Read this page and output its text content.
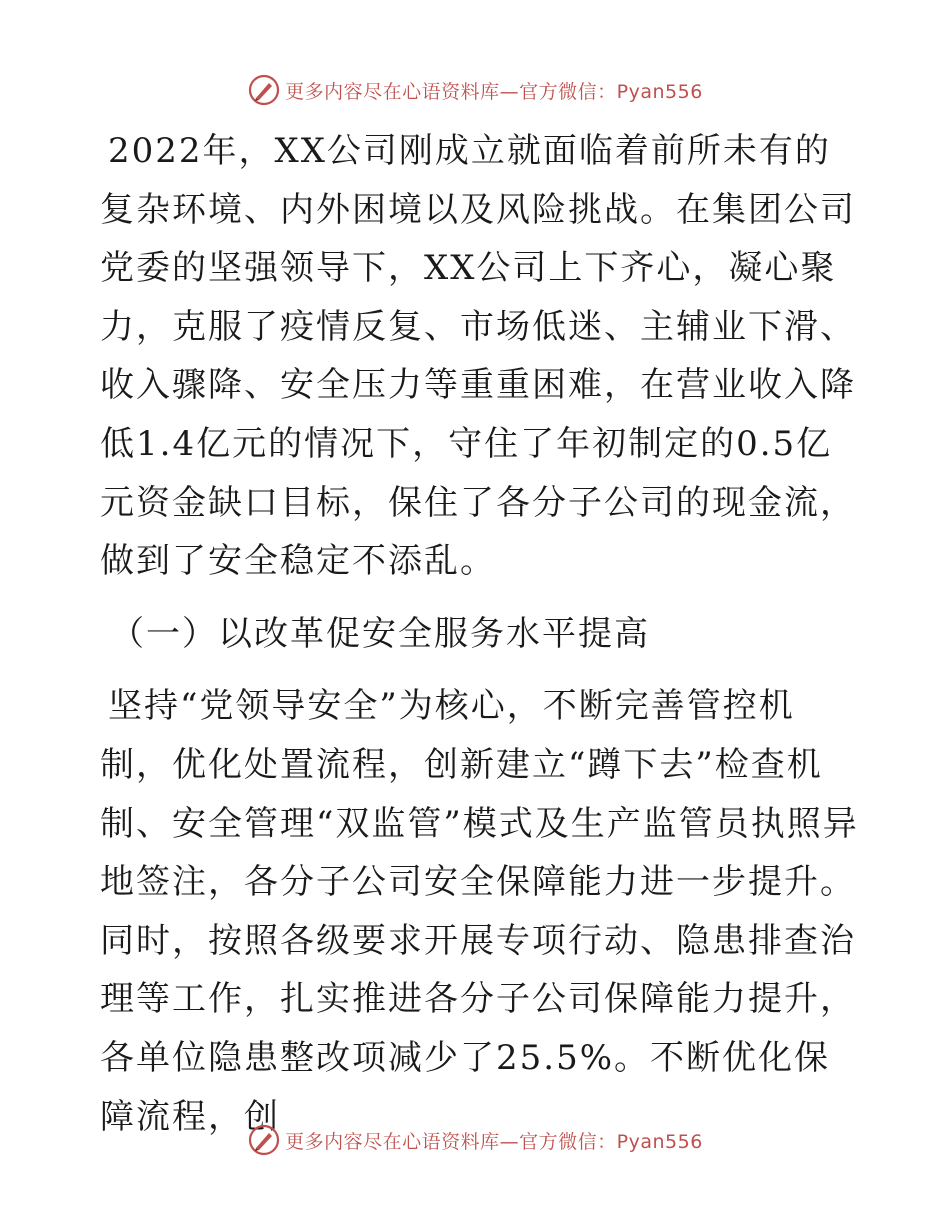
更多内容尽在心语资料库—官方微信：Pyan556

2022年，XX公司刚成立就面临着前所未有的复杂环境、内外困境以及风险挑战。在集团公司党委的坚强领导下，XX公司上下齐心，凝心聚力，克服了疫情反复、市场低迷、主辅业下滑、收入骤降、安全压力等重重困难，在营业收入降低1.4亿元的情况下，守住了年初制定的0.5亿元资金缺口目标，保住了各分子公司的现金流，做到了安全稳定不添乱。

（一）以改革促安全服务水平提高

坚持“党领导安全”为核心，不断完善管控机制，优化处置流程，创新建立“蹲下去”检查机制、安全管理“双监管”模式及生产监管员执照异地签注，各分子公司安全保障能力进一步提升。同时，按照各级要求开展专项行动、隐患排查治理等工作，扎实推进各分子公司保障能力提升，各单位隐患整改项减少了25.5%。不断优化保障流程，创

更多内容尽在心语资料库—官方微信：Pyan556
